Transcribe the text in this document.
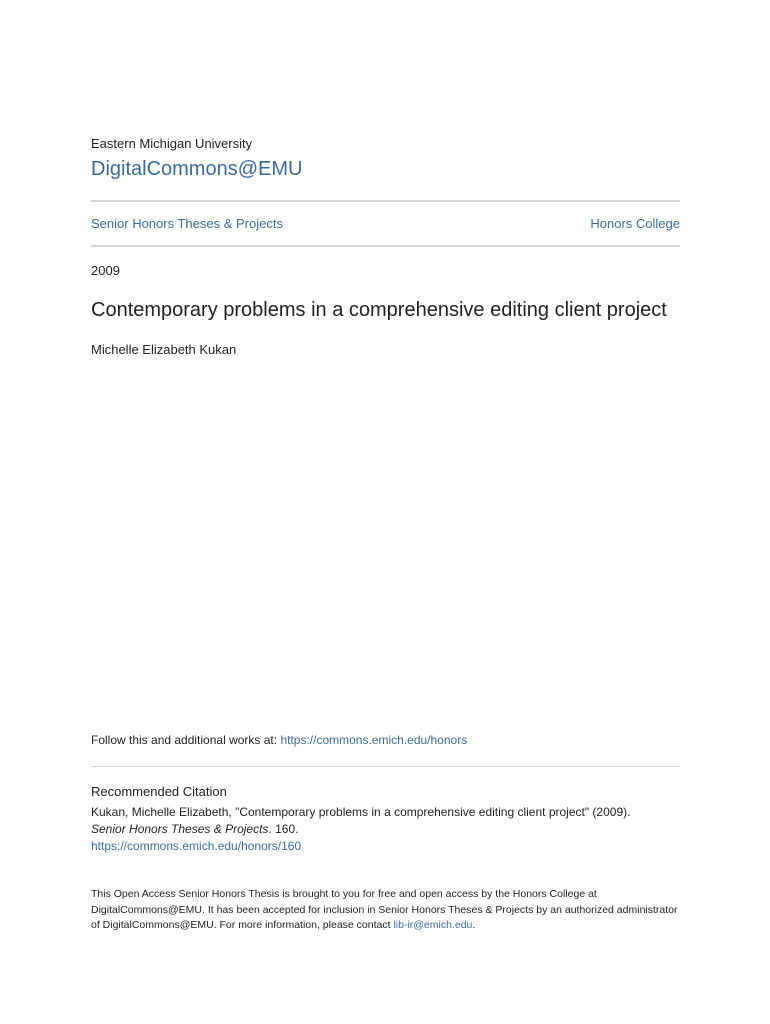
Eastern Michigan University
DigitalCommons@EMU
Senior Honors Theses & Projects	Honors College
2009
Contemporary problems in a comprehensive editing client project
Michelle Elizabeth Kukan
Follow this and additional works at: https://commons.emich.edu/honors
Recommended Citation
Kukan, Michelle Elizabeth, "Contemporary problems in a comprehensive editing client project" (2009).
Senior Honors Theses & Projects. 160.
https://commons.emich.edu/honors/160
This Open Access Senior Honors Thesis is brought to you for free and open access by the Honors College at DigitalCommons@EMU. It has been accepted for inclusion in Senior Honors Theses & Projects by an authorized administrator of DigitalCommons@EMU. For more information, please contact lib-ir@emich.edu.
